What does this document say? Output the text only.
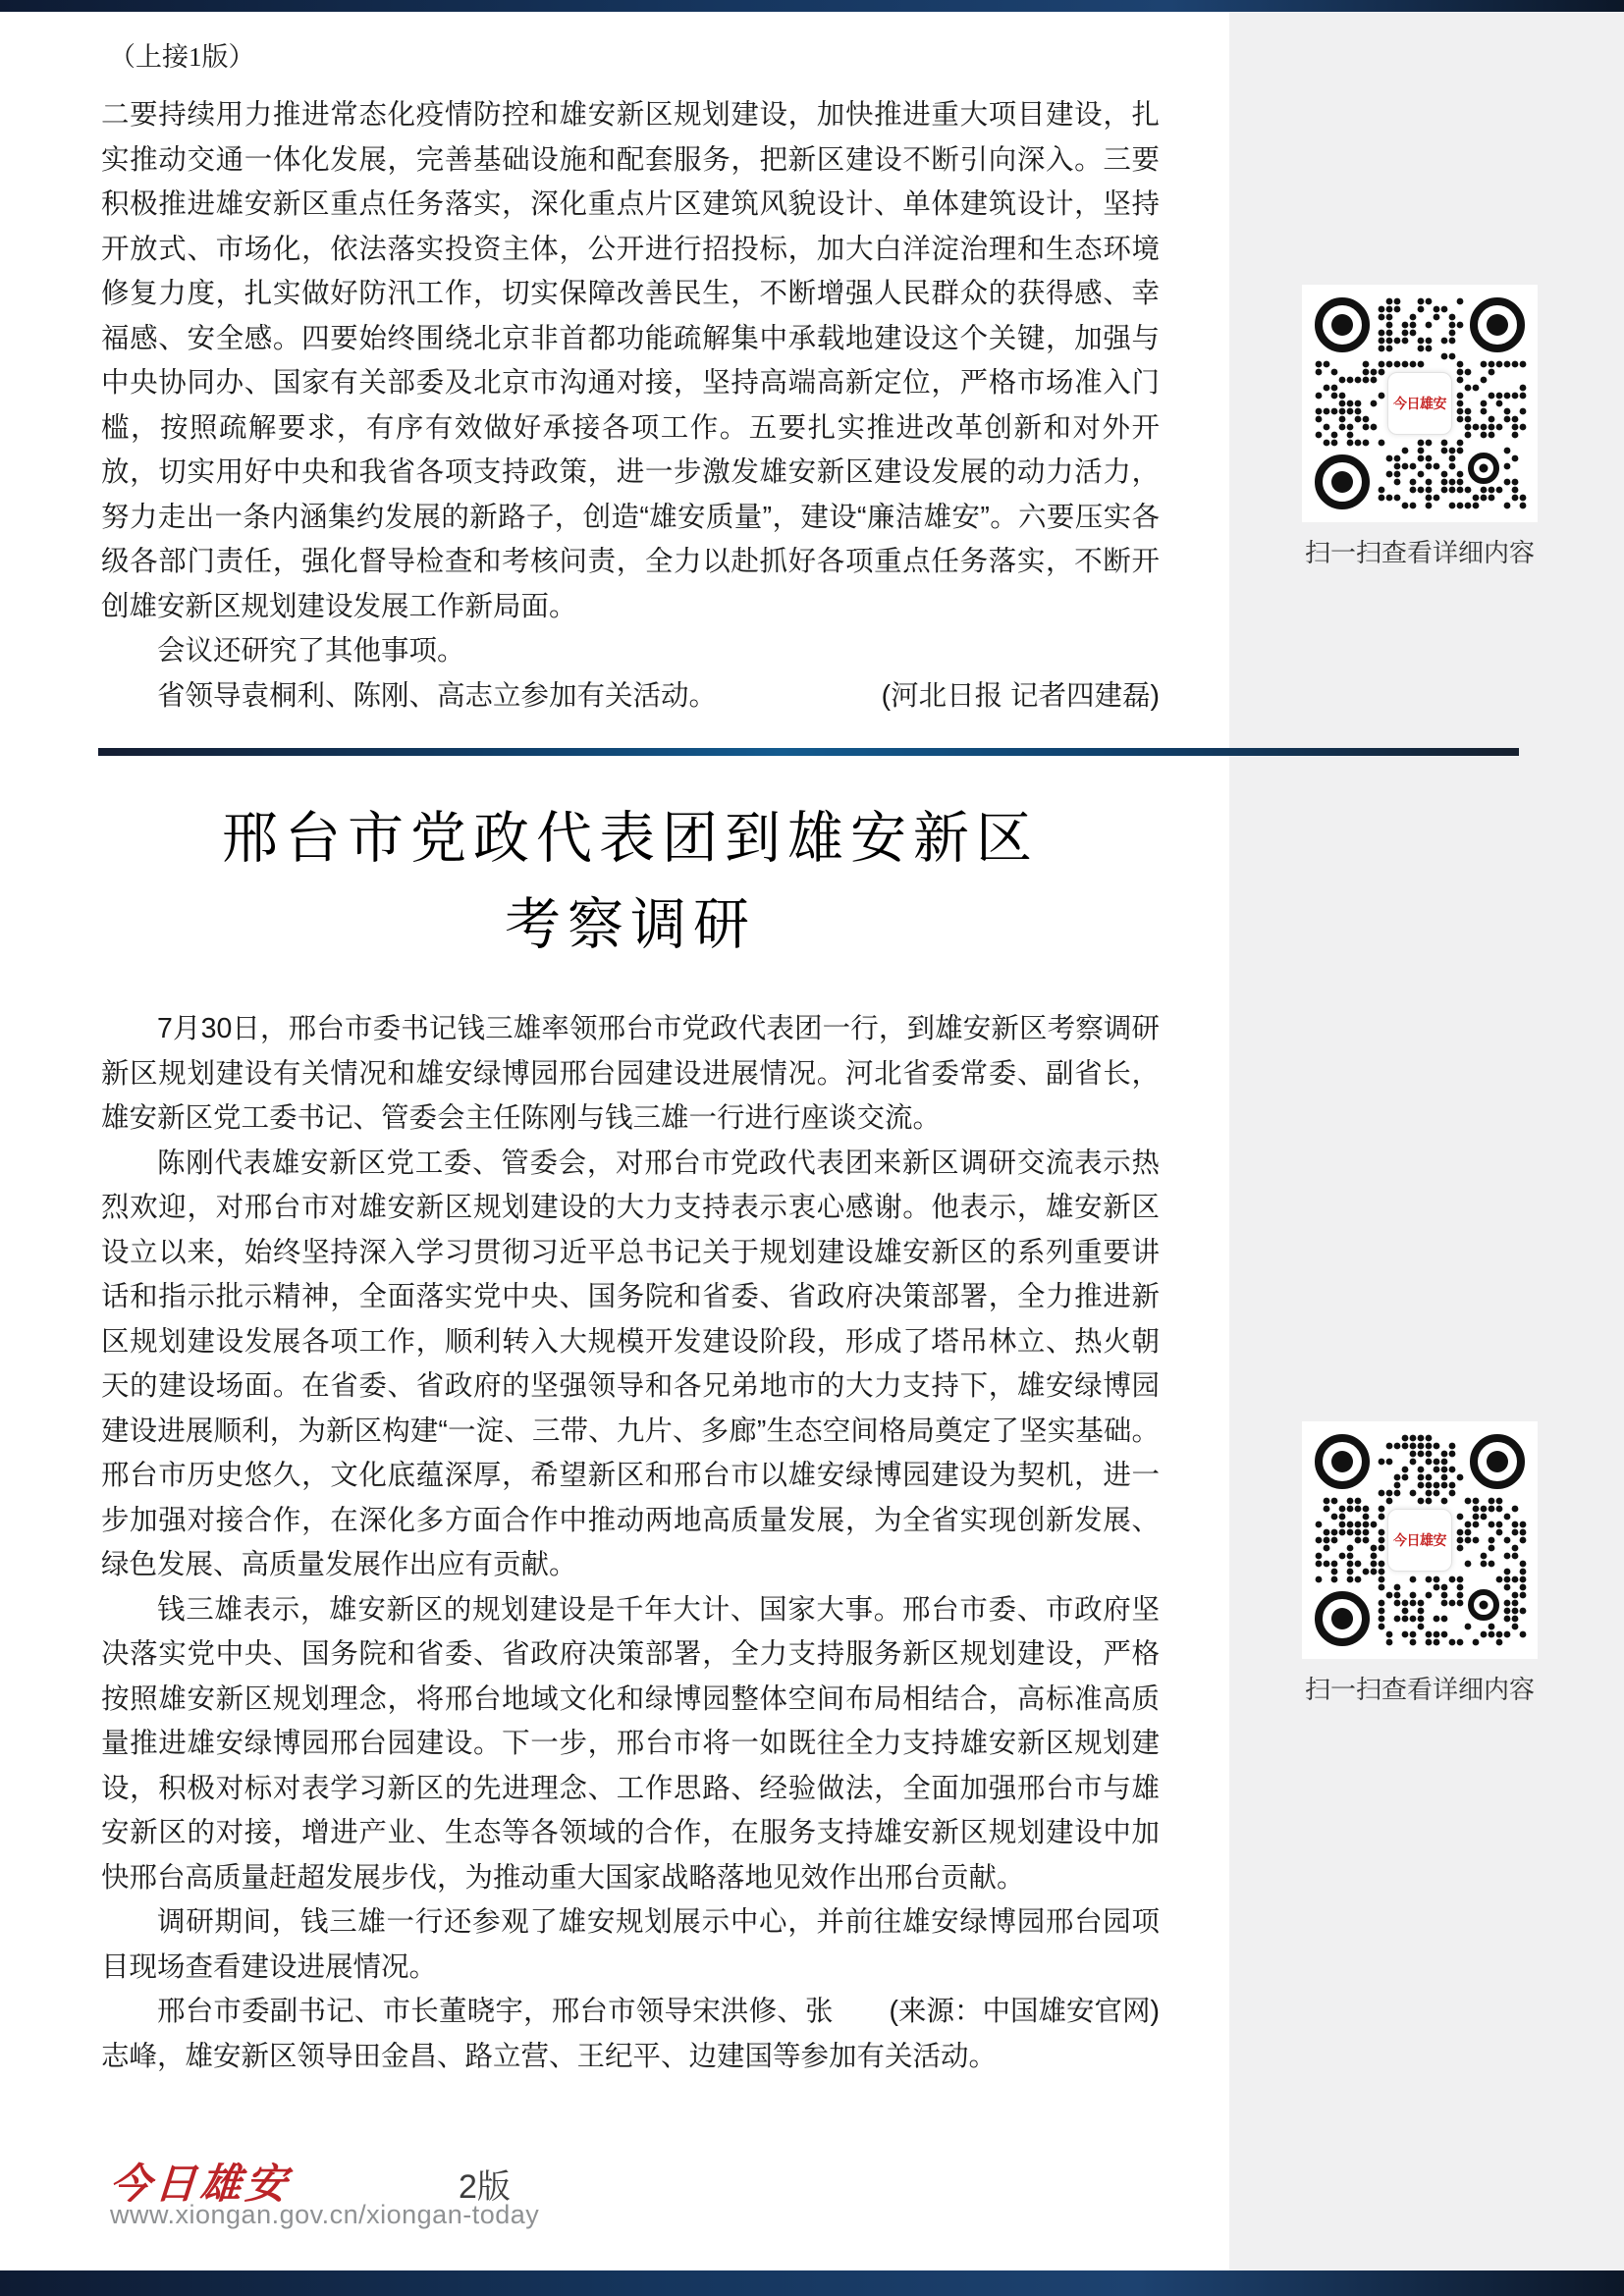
（上接1版）

二要持续用力推进常态化疫情防控和雄安新区规划建设，加快推进重大项目建设，扎实推动交通一体化发展，完善基础设施和配套服务，把新区建设不断引向深入。三要积极推进雄安新区重点任务落实，深化重点片区建筑风貌设计、单体建筑设计，坚持开放式、市场化，依法落实投资主体，公开进行招投标，加大白洋淀治理和生态环境修复力度，扎实做好防汛工作，切实保障改善民生，不断增强人民群众的获得感、幸福感、安全感。四要始终围绕北京非首都功能疏解集中承载地建设这个关键，加强与中央协同办、国家有关部委及北京市沟通对接，坚持高端高新定位，严格市场准入门槛，按照疏解要求，有序有效做好承接各项工作。五要扎实推进改革创新和对外开放，切实用好中央和我省各项支持政策，进一步激发雄安新区建设发展的动力活力，努力走出一条内涵集约发展的新路子，创造“雄安质量”，建设“廉洁雄安”。六要压实各级各部门责任，强化督导检查和考核问责，全力以赴抓好各项重点任务落实，不断开创雄安新区规划建设发展工作新局面。

会议还研究了其他事项。

(河北日报 记者四建磊)
省领导袁桐利、陈刚、高志立参加有关活动。

邢台市党政代表团到雄安新区
考察调研

7月30日，邢台市委书记钱三雄率领邢台市党政代表团一行，到雄安新区考察调研新区规划建设有关情况和雄安绿博园邢台园建设进展情况。河北省委常委、副省长，雄安新区党工委书记、管委会主任陈刚与钱三雄一行进行座谈交流。

陈刚代表雄安新区党工委、管委会，对邢台市党政代表团来新区调研交流表示热烈欢迎，对邢台市对雄安新区规划建设的大力支持表示衷心感谢。他表示，雄安新区设立以来，始终坚持深入学习贯彻习近平总书记关于规划建设雄安新区的系列重要讲话和指示批示精神，全面落实党中央、国务院和省委、省政府决策部署，全力推进新区规划建设发展各项工作，顺利转入大规模开发建设阶段，形成了塔吊林立、热火朝天的建设场面。在省委、省政府的坚强领导和各兄弟地市的大力支持下，雄安绿博园建设进展顺利，为新区构建“一淀、三带、九片、多廊”生态空间格局奠定了坚实基础。邢台市历史悠久，文化底蕴深厚，希望新区和邢台市以雄安绿博园建设为契机，进一步加强对接合作，在深化多方面合作中推动两地高质量发展，为全省实现创新发展、绿色发展、高质量发展作出应有贡献。

钱三雄表示，雄安新区的规划建设是千年大计、国家大事。邢台市委、市政府坚决落实党中央、国务院和省委、省政府决策部署，全力支持服务新区规划建设，严格按照雄安新区规划理念，将邢台地域文化和绿博园整体空间布局相结合，高标准高质量推进雄安绿博园邢台园建设。下一步，邢台市将一如既往全力支持雄安新区规划建设，积极对标对表学习新区的先进理念、工作思路、经验做法，全面加强邢台市与雄安新区的对接，增进产业、生态等各领域的合作，在服务支持雄安新区规划建设中加快邢台高质量赶超发展步伐，为推动重大国家战略落地见效作出邢台贡献。

调研期间，钱三雄一行还参观了雄安规划展示中心，并前往雄安绿博园邢台园项目现场查看建设进展情况。

(来源：中国雄安官网)
邢台市委副书记、市长董晓宇，邢台市领导宋洪修、张志峰，雄安新区领导田金昌、路立营、王纪平、边建国等参加有关活动。

今日雄安
扫一扫查看详细内容
今日雄安
扫一扫查看详细内容
今日雄安	2版
www.xiongan.gov.cn/xiongan-today
